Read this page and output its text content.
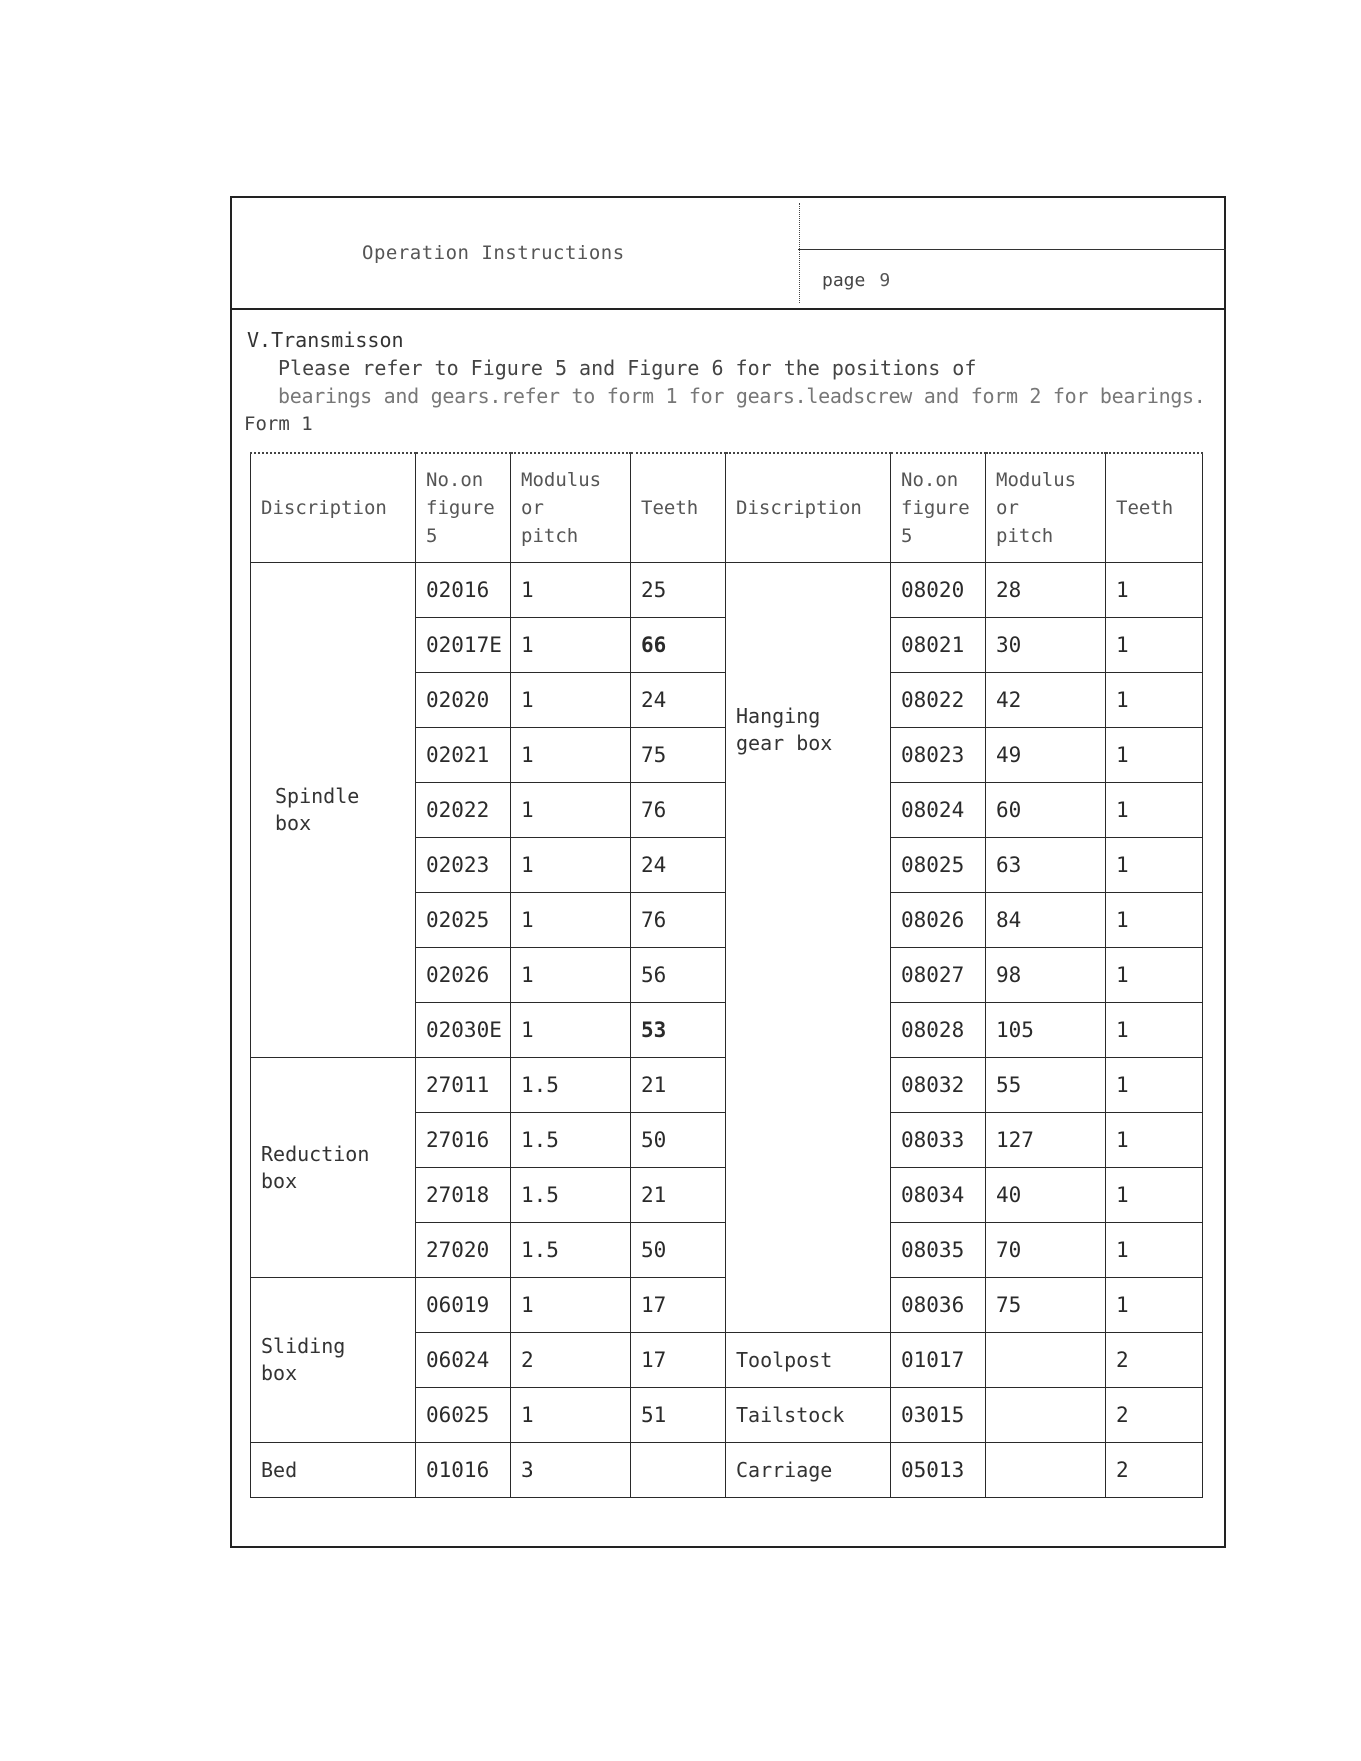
Operation Instructions
page 9
V.Transmisson
Please refer to Figure 5 and Figure 6 for the positions of
bearings and gears.refer to form 1 for gears.leadscrew and form 2 for bearings.
Form 1
Discription	No.on
figure
5	Modulus
or
pitch	Teeth	Discription	No.on
figure
5	Modulus
or
pitch	Teeth

Spindle
box	02016	1	25	Hanging
gear box	08020	28	1
	02017E	1	66		08021	30	1
	02020	1	24		08022	42	1
	02021	1	75		08023	49	1
	02022	1	76		08024	60	1
	02023	1	24		08025	63	1
	02025	1	76		08026	84	1
	02026	1	56		08027	98	1
	02030E	1	53		08028	105	1

Reduction
box	27011	1.5	21		08032	55	1
	27016	1.5	50		08033	127	1
	27018	1.5	21		08034	40	1
	27020	1.5	50		08035	70	1

Sliding
box	06019	1	17		08036	75	1
	06024	2	17	Toolpost	01017		2
	06025	1	51	Tailstock	03015		2
Bed	01016	3		Carriage	05013		2
